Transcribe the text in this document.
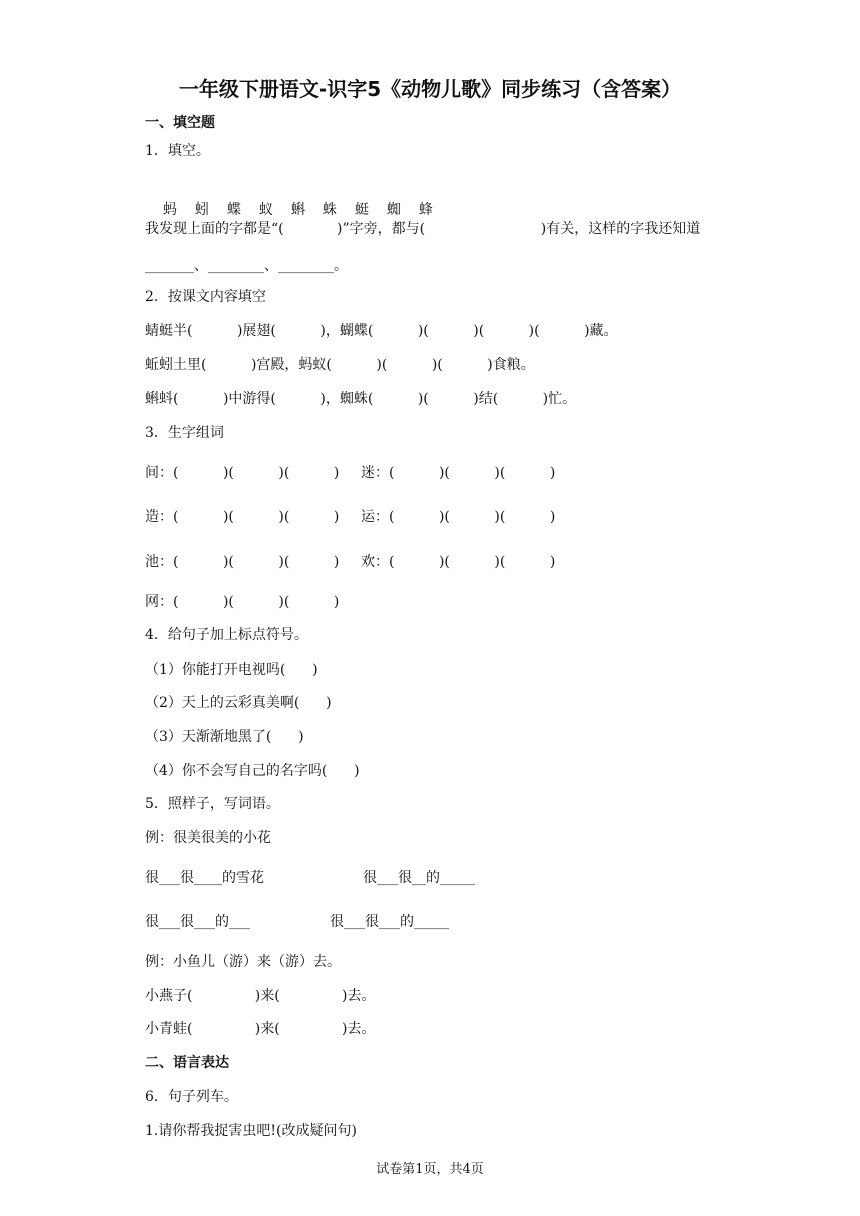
一年级下册语文-识字5《动物儿歌》同步练习（含答案）
一、填空题
1．填空。

蚂 蚓 蝶 蚁 蝌 蛛 蜓 蜘 蜂

我发现上面的字都是“(            )”字旁，都与(                          )有关，这样的字我还知道
_______、________、________。
2．按课文内容填空
蜻蜓半(          )展翅(          )，蝴蝶(          )(          )(          )(          )藏。
蚯蚓土里(          )宫殿，蚂蚁(          )(          )(          )食粮。
蝌蚪(          )中游得(          )，蜘蛛(          )(          )结(          )忙。
3．生字组词
间：(          )(          )(          ) 迷：(          )(          )(          )
造：(          )(          )(          ) 运：(          )(          )(          )
池：(          )(          )(          ) 欢：(          )(          )(          )
网：(          )(          )(          )
4．给句子加上标点符号。
（1）你能打开电视吗(      )
（2）天上的云彩真美啊(      )
（3）天渐渐地黑了(      )
（4）你不会写自己的名字吗(      )
5．照样子，写词语。
例：很美很美的小花
很___很____的雪花	很___很__的_____
很___很___的___	很___很___的_____
例：小鱼儿（游）来（游）去。
小燕子(              )来(              )去。
小青蛙(              )来(              )去。
二、语言表达
6．句子列车。
1.请你帮我捉害虫吧!(改成疑问句)
试卷第1页，共4页
